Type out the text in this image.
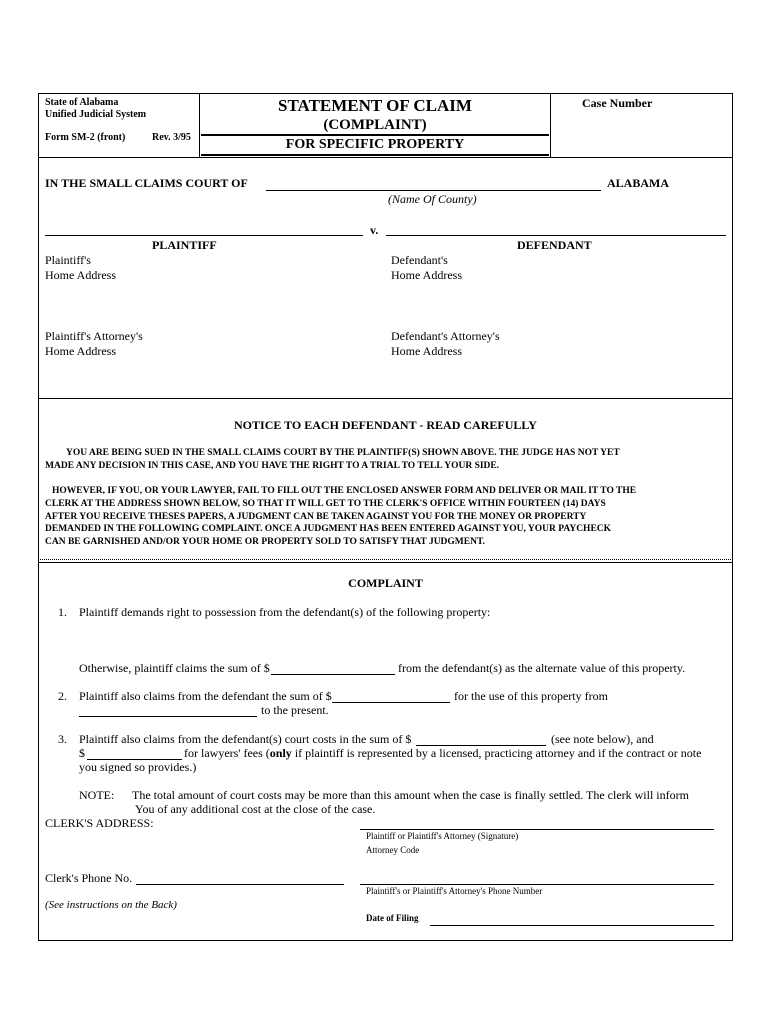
State of Alabama
Unified Judicial System
Form SM-2 (front)	Rev. 3/95
STATEMENT OF CLAIM
(COMPLAINT)
FOR SPECIFIC PROPERTY
Case Number
IN THE SMALL CLAIMS COURT OF	ALABAMA
(Name Of County)
v.
PLAINTIFF	DEFENDANT
Plaintiff's
Home Address
Defendant's
Home Address
Plaintiff's Attorney's
Home Address
Defendant's Attorney's
Home Address
NOTICE TO EACH DEFENDANT - READ CAREFULLY
YOU ARE BEING SUED IN THE SMALL CLAIMS COURT BY THE PLAINTIFF(S) SHOWN ABOVE. THE JUDGE HAS NOT YET
MADE ANY DECISION IN THIS CASE, AND YOU HAVE THE RIGHT TO A TRIAL TO TELL YOUR SIDE.
HOWEVER, IF YOU, OR YOUR LAWYER, FAIL TO FILL OUT THE ENCLOSED ANSWER FORM AND DELIVER OR MAIL IT TO THE
CLERK AT THE ADDRESS SHOWN BELOW, SO THAT IT WILL GET TO THE CLERK'S OFFICE WITHIN FOURTEEN (14) DAYS
AFTER YOU RECEIVE THESES PAPERS, A JUDGMENT CAN BE TAKEN AGAINST YOU FOR THE MONEY OR PROPERTY
DEMANDED IN THE FOLLOWING COMPLAINT. ONCE A JUDGMENT HAS BEEN ENTERED AGAINST YOU, YOUR PAYCHECK
CAN BE GARNISHED AND/OR YOUR HOME OR PROPERTY SOLD TO SATISFY THAT JUDGMENT.
COMPLAINT
1. Plaintiff demands right to possession from the defendant(s) of the following property:
Otherwise, plaintiff claims the sum of $	from the defendant(s) as the alternate value of this property.
2. Plaintiff also claims from the defendant the sum of $	for the use of this property from
to the present.
3. Plaintiff also claims from the defendant(s) court costs in the sum of $	(see note below), and
$	for lawyers' fees (only if plaintiff is represented by a licensed, practicing attorney and if the contract or note
you signed so provides.)
NOTE: The total amount of court costs may be more than this amount when the case is finally settled. The clerk will inform
You of any additional cost at the close of the case.
CLERK'S ADDRESS:
Plaintiff or Plaintiff's Attorney (Signature)
Attorney Code
Clerk's Phone No.
Plaintiff's or Plaintiff's Attorney's Phone Number
(See instructions on the Back)
Date of Filing
